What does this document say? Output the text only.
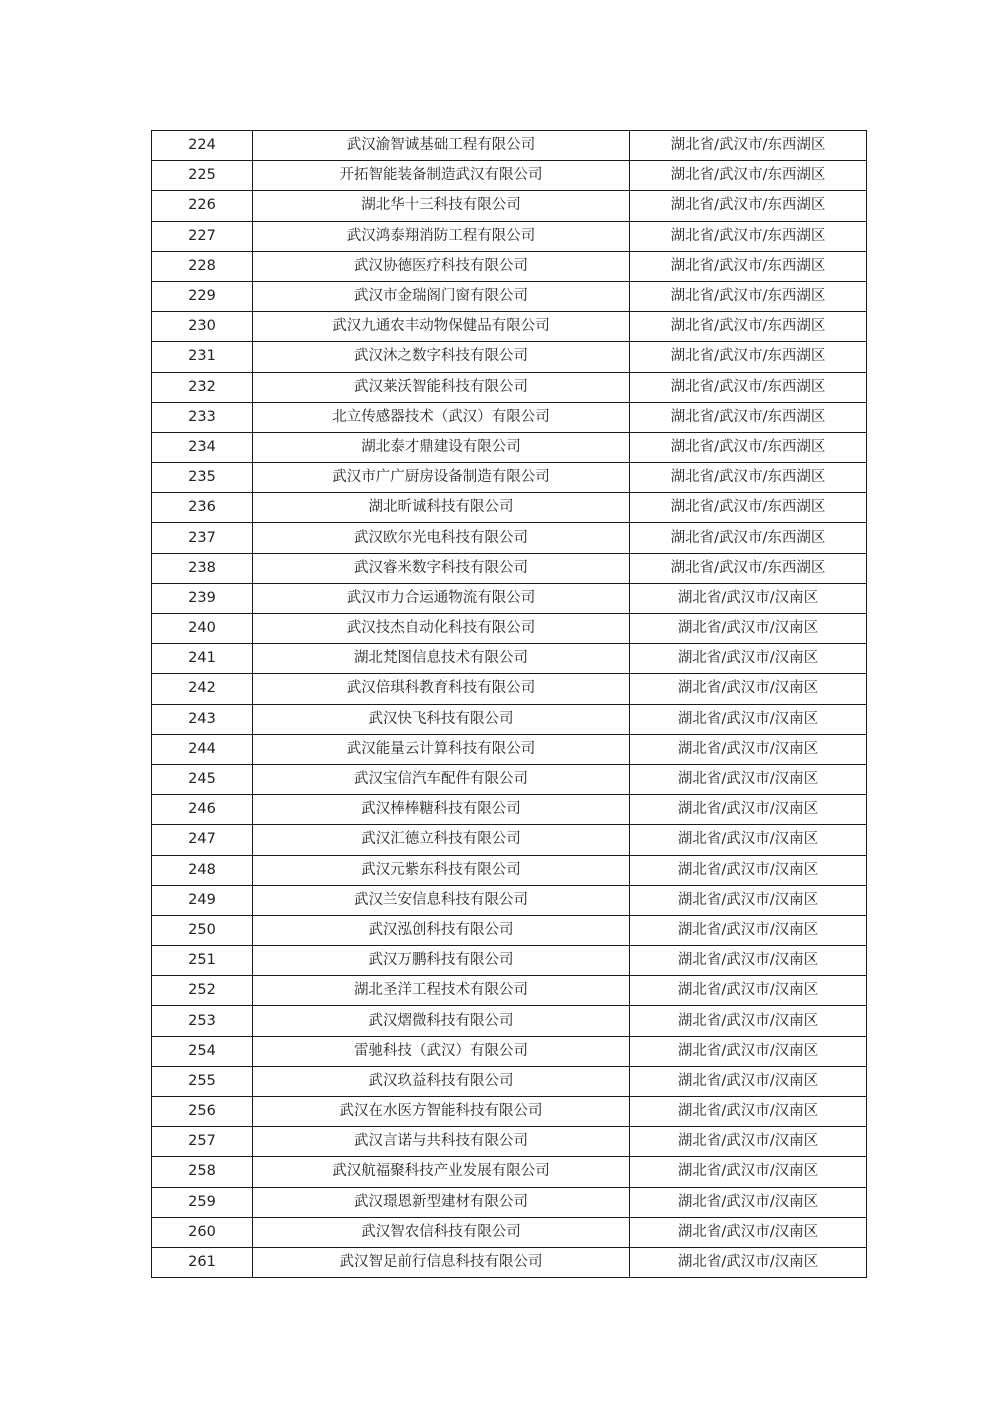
224	武汉渝智诚基础工程有限公司	湖北省/武汉市/东西湖区
225	开拓智能装备制造武汉有限公司	湖北省/武汉市/东西湖区
226	湖北华十三科技有限公司	湖北省/武汉市/东西湖区
227	武汉鸿泰翔消防工程有限公司	湖北省/武汉市/东西湖区
228	武汉协德医疗科技有限公司	湖北省/武汉市/东西湖区
229	武汉市金瑞阁门窗有限公司	湖北省/武汉市/东西湖区
230	武汉九通农丰动物保健品有限公司	湖北省/武汉市/东西湖区
231	武汉沐之数字科技有限公司	湖北省/武汉市/东西湖区
232	武汉莱沃智能科技有限公司	湖北省/武汉市/东西湖区
233	北立传感器技术（武汉）有限公司	湖北省/武汉市/东西湖区
234	湖北泰才鼎建设有限公司	湖北省/武汉市/东西湖区
235	武汉市广广厨房设备制造有限公司	湖北省/武汉市/东西湖区
236	湖北昕诚科技有限公司	湖北省/武汉市/东西湖区
237	武汉欧尔光电科技有限公司	湖北省/武汉市/东西湖区
238	武汉睿米数字科技有限公司	湖北省/武汉市/东西湖区
239	武汉市力合运通物流有限公司	湖北省/武汉市/汉南区
240	武汉技杰自动化科技有限公司	湖北省/武汉市/汉南区
241	湖北梵图信息技术有限公司	湖北省/武汉市/汉南区
242	武汉倍琪科教育科技有限公司	湖北省/武汉市/汉南区
243	武汉快飞科技有限公司	湖北省/武汉市/汉南区
244	武汉能量云计算科技有限公司	湖北省/武汉市/汉南区
245	武汉宝信汽车配件有限公司	湖北省/武汉市/汉南区
246	武汉棒棒糖科技有限公司	湖北省/武汉市/汉南区
247	武汉汇德立科技有限公司	湖北省/武汉市/汉南区
248	武汉元紫东科技有限公司	湖北省/武汉市/汉南区
249	武汉兰安信息科技有限公司	湖北省/武汉市/汉南区
250	武汉泓创科技有限公司	湖北省/武汉市/汉南区
251	武汉万鹏科技有限公司	湖北省/武汉市/汉南区
252	湖北圣洋工程技术有限公司	湖北省/武汉市/汉南区
253	武汉熠微科技有限公司	湖北省/武汉市/汉南区
254	雷驰科技（武汉）有限公司	湖北省/武汉市/汉南区
255	武汉玖益科技有限公司	湖北省/武汉市/汉南区
256	武汉在水医方智能科技有限公司	湖北省/武汉市/汉南区
257	武汉言诺与共科技有限公司	湖北省/武汉市/汉南区
258	武汉航福聚科技产业发展有限公司	湖北省/武汉市/汉南区
259	武汉璟恩新型建材有限公司	湖北省/武汉市/汉南区
260	武汉智农信科技有限公司	湖北省/武汉市/汉南区
261	武汉智足前行信息科技有限公司	湖北省/武汉市/汉南区
